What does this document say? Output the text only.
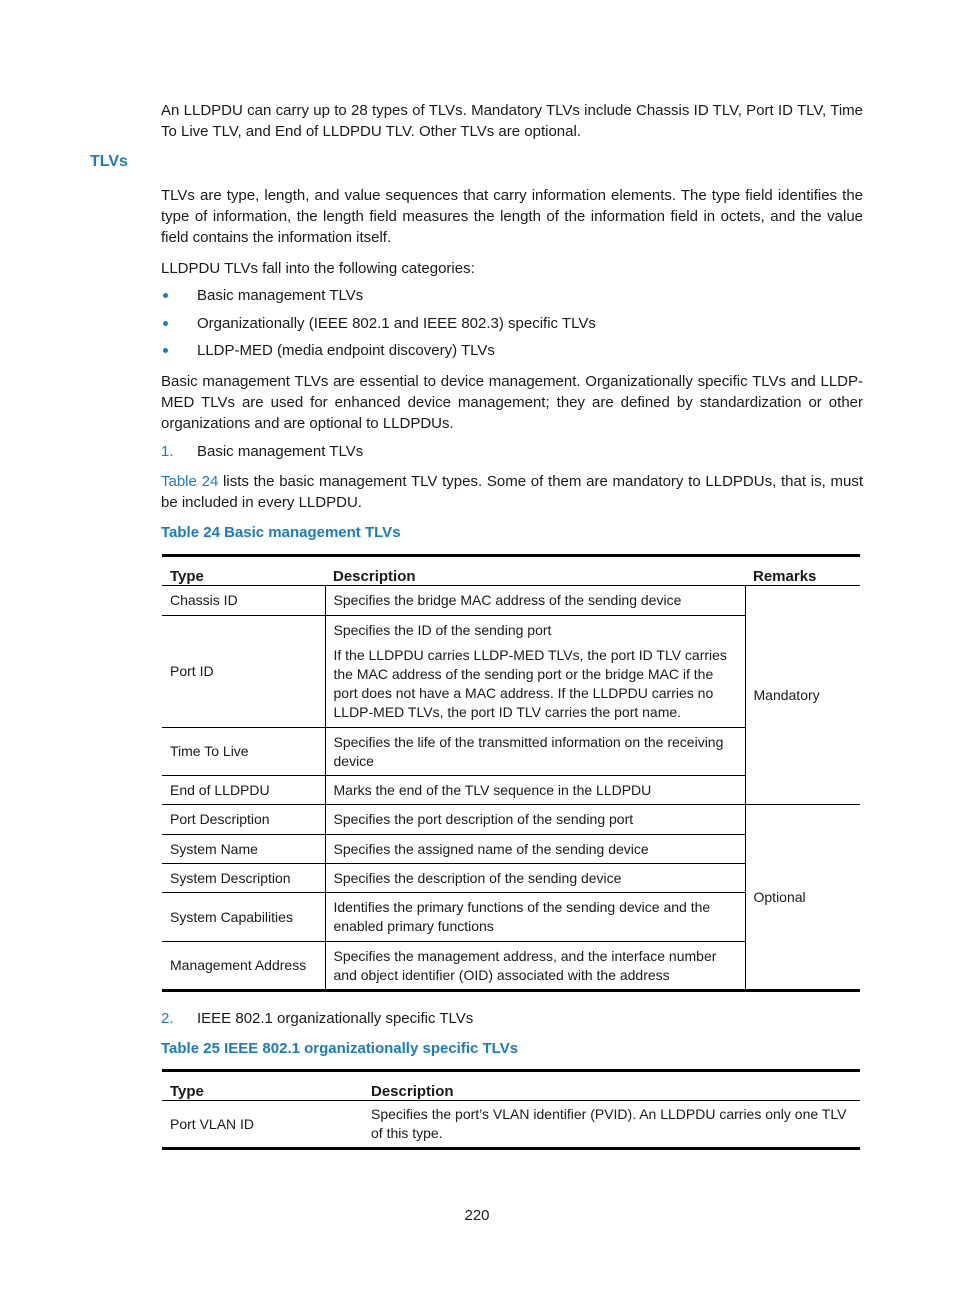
An LLDPDU can carry up to 28 types of TLVs. Mandatory TLVs include Chassis ID TLV, Port ID TLV, Time To Live TLV, and End of LLDPDU TLV. Other TLVs are optional.
TLVs
TLVs are type, length, and value sequences that carry information elements. The type field identifies the type of information, the length field measures the length of the information field in octets, and the value field contains the information itself.
LLDPDU TLVs fall into the following categories:
Basic management TLVs
Organizationally (IEEE 802.1 and IEEE 802.3) specific TLVs
LLDP-MED (media endpoint discovery) TLVs
Basic management TLVs are essential to device management. Organizationally specific TLVs and LLDP-MED TLVs are used for enhanced device management; they are defined by standardization or other organizations and are optional to LLDPDUs.
1. Basic management TLVs
Table 24 lists the basic management TLV types. Some of them are mandatory to LLDPDUs, that is, must be included in every LLDPDU.
Table 24 Basic management TLVs
Type	Description	Remarks
Chassis ID	Specifies the bridge MAC address of the sending device	Mandatory
Port ID	Specifies the ID of the sending port

If the LLDPDU carries LLDP-MED TLVs, the port ID TLV carries the MAC address of the sending port or the bridge MAC if the port does not have a MAC address. If the LLDPDU carries no LLDP-MED TLVs, the port ID TLV carries the port name.	

Time To Live	Specifies the life of the transmitted information on the receiving device	
End of LLDPDU	Marks the end of the TLV sequence in the LLDPDU	
Port Description	Specifies the port description of the sending port	Optional
System Name	Specifies the assigned name of the sending device	
System Description	Specifies the description of the sending device	
System Capabilities	Identifies the primary functions of the sending device and the enabled primary functions	
Management Address	Specifies the management address, and the interface number and object identifier (OID) associated with the address	
2. IEEE 802.1 organizationally specific TLVs
Table 25 IEEE 802.1 organizationally specific TLVs
Type	Description
Port VLAN ID	Specifies the port’s VLAN identifier (PVID). An LLDPDU carries only one TLV of this type.
220
